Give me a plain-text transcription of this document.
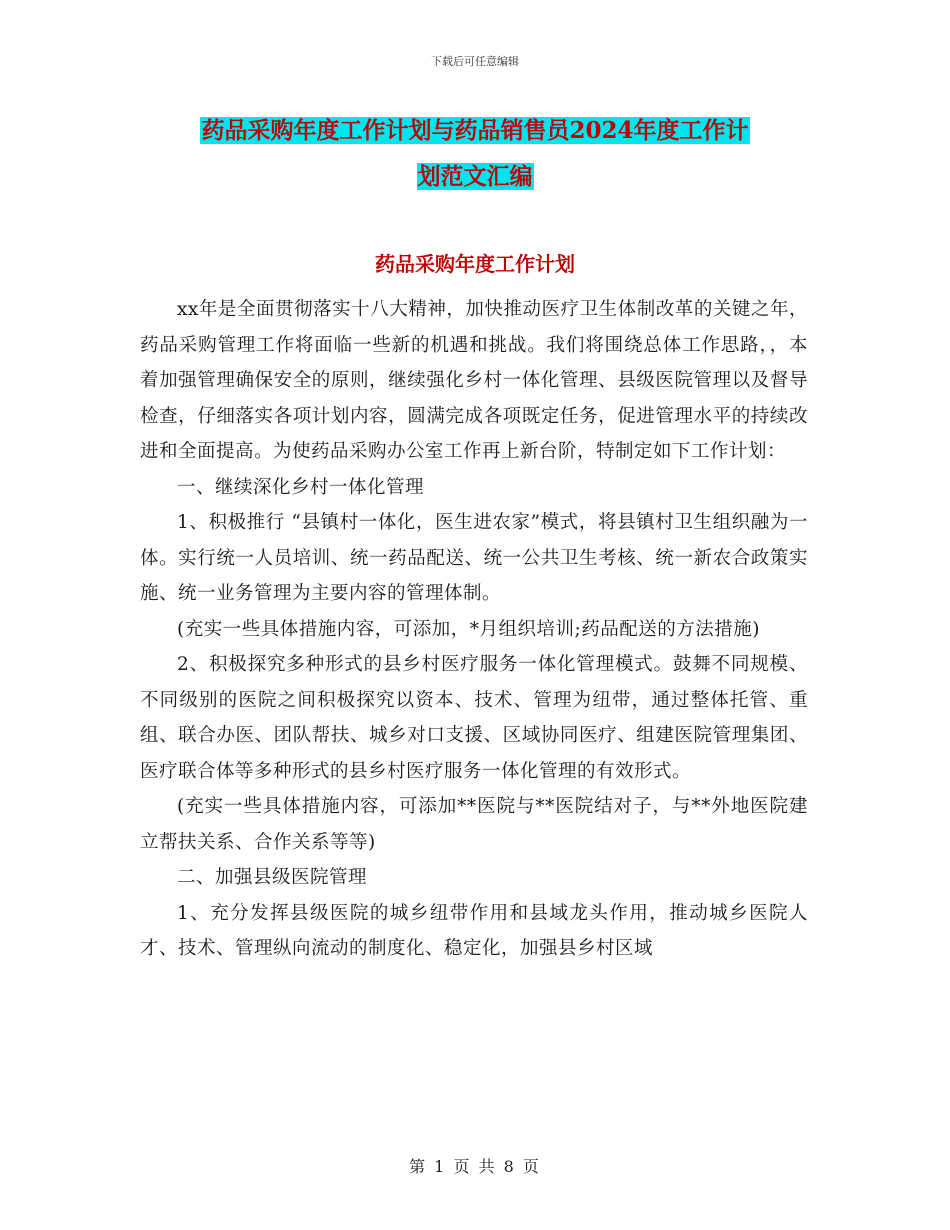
下载后可任意编辑
药品采购年度工作计划与药品销售员2024年度工作计
划范文汇编
药品采购年度工作计划

xx年是全面贯彻落实十八大精神，加快推动医疗卫生体制改革的关键之年，药品采购管理工作将面临一些新的机遇和挑战。我们将围绕总体工作思路，，本着加强管理确保安全的原则，继续强化乡村一体化管理、县级医院管理以及督导检查，仔细落实各项计划内容，圆满完成各项既定任务，促进管理水平的持续改进和全面提高。为使药品采购办公室工作再上新台阶，特制定如下工作计划：

一、继续深化乡村一体化管理

1、积极推行 “县镇村一体化，医生进农家”模式，将县镇村卫生组织融为一体。实行统一人员培训、统一药品配送、统一公共卫生考核、统一新农合政策实施、统一业务管理为主要内容的管理体制。

(充实一些具体措施内容，可添加，*月组织培训;药品配送的方法措施)

2、积极探究多种形式的县乡村医疗服务一体化管理模式。鼓舞不同规模、不同级别的医院之间积极探究以资本、技术、管理为纽带，通过整体托管、重组、联合办医、团队帮扶、城乡对口支援、区域协同医疗、组建医院管理集团、医疗联合体等多种形式的县乡村医疗服务一体化管理的有效形式。

(充实一些具体措施内容，可添加**医院与**医院结对子，与**外地医院建立帮扶关系、合作关系等等)

二、加强县级医院管理

1、充分发挥县级医院的城乡纽带作用和县域龙头作用，推动城乡医院人才、技术、管理纵向流动的制度化、稳定化，加强县乡村区域

第 1 页 共 8 页
